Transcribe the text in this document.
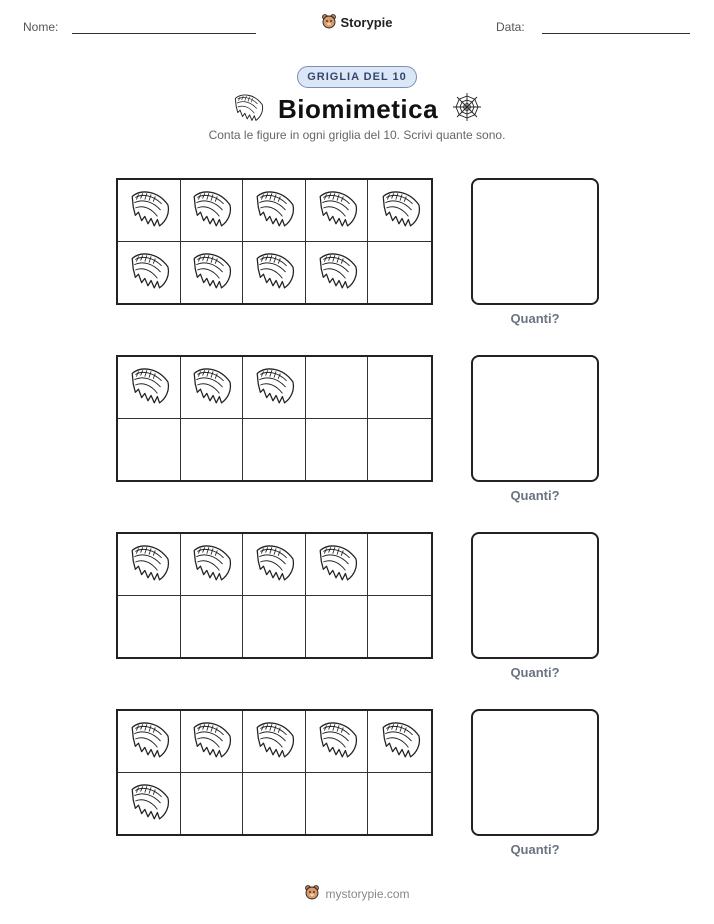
Nome:	Storypie	Data:
GRIGLIA DEL 10
Biomimetica
Conta le figure in ogni griglia del 10. Scrivi quante sono.
Quanti?
Quanti?
Quanti?
Quanti?
mystorypie.com
